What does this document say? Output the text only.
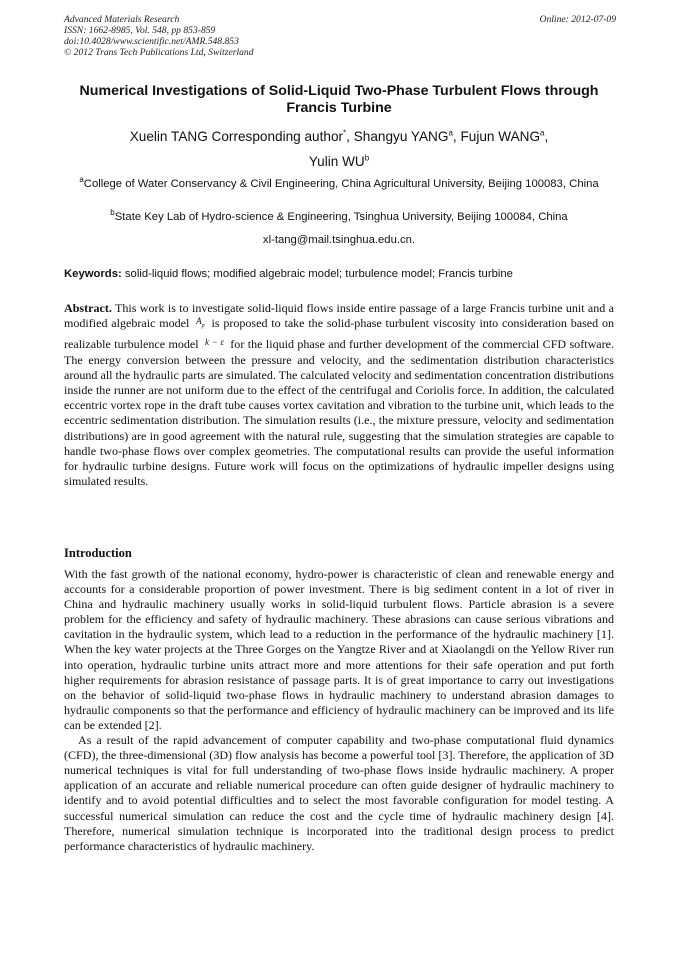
Advanced Materials Research
ISSN: 1662-8985, Vol. 548, pp 853-859
doi:10.4028/www.scientific.net/AMR.548.853
© 2012 Trans Tech Publications Ltd, Switzerland
Online: 2012-07-09
Numerical Investigations of Solid-Liquid Two-Phase Turbulent Flows through Francis Turbine
Xuelin TANG Corresponding author*, Shangyu YANG$^a$, Fujun WANG$^a$,
Yulin $WU^b$
$^a$College of Water Conservancy & Civil Engineering, China Agricultural University, Beijing 100083, China
$^b$State Key Lab of Hydro-science & Engineering, Tsinghua University, Beijing 100084, China
xl-tang@mail.tsinghua.edu.cn.
Keywords: solid-liquid flows; modified algebraic model; turbulence model; Francis turbine

Abstract. This work is to investigate solid-liquid flows inside entire passage of a large Francis turbine unit and a modified algebraic model $^{A_p}$ is proposed to take the solid-phase turbulent viscosity into consideration based on realizable turbulence model $^{k - \varepsilon}$ for the liquid phase and further development of the commercial CFD software. The energy conversion between the pressure and velocity, and the sedimentation distribution characteristics around all the hydraulic parts are simulated. The calculated velocity and sedimentation concentration distributions inside the runner are not uniform due to the effect of the centrifugal and Coriolis force. In addition, the calculated eccentric vortex rope in the draft tube causes vortex cavitation and vibration to the turbine unit, which leads to the eccentric sedimentation distribution. The simulation results (i.e., the mixture pressure, velocity and sedimentation distributions) are in good agreement with the natural rule, suggesting that the simulation strategies are capable to handle two-phase flows over complex geometries. The computational results can provide the useful information for hydraulic turbine designs. Future work will focus on the optimizations of hydraulic impeller designs using simulated results.

Introduction

With the fast growth of the national economy, hydro-power is characteristic of clean and renewable energy and accounts for a considerable proportion of power investment. There is big sediment content in a lot of river in China and hydraulic machinery usually works in solid-liquid turbulent flows. Particle abrasion is a severe problem for the efficiency and safety of hydraulic machinery. These abrasions can cause serious vibrations and cavitation in the hydraulic system, which lead to a reduction in the performance of the hydraulic machinery [1]. When the key water projects at the Three Gorges on the Yangtze River and at Xiaolangdi on the Yellow River run into operation, hydraulic turbine units attract more and more attentions for their safe operation and put forth higher requirements for abrasion resistance of passage parts. It is of great importance to carry out investigations on the behavior of solid-liquid two-phase flows in hydraulic machinery to understand abrasion damages to hydraulic components so that the performance and efficiency of hydraulic machinery can be improved and its life can be extended [2].

As a result of the rapid advancement of computer capability and two-phase computational fluid dynamics (CFD), the three-dimensional (3D) flow analysis has become a powerful tool [3]. Therefore, the application of 3D numerical techniques is vital for full understanding of two-phase flows inside hydraulic machinery. A proper application of an accurate and reliable numerical procedure can often guide designer of hydraulic machinery to identify and to avoid potential difficulties and to select the most favorable configuration for model testing. A successful numerical simulation can reduce the cost and the cycle time of hydraulic machinery design [4]. Therefore, numerical simulation technique is incorporated into the traditional design process to predict performance characteristics of hydraulic machinery.
